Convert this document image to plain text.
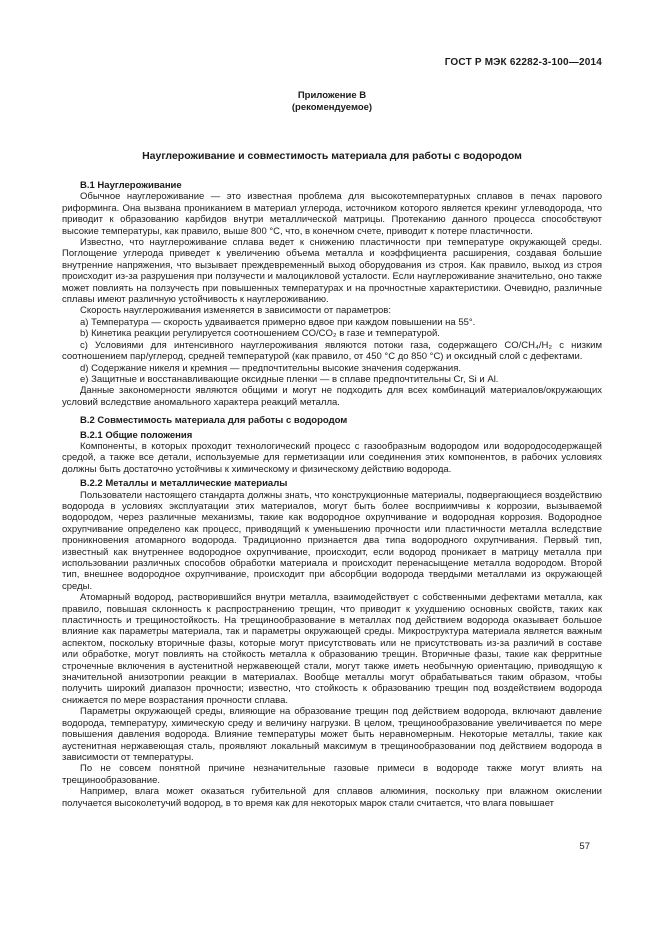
ГОСТ Р МЭК 62282-3-100—2014
Приложение В
(рекомендуемое)
Науглероживание и совместимость материала для работы с водородом
В.1 Науглероживание

Обычное науглероживание — это известная проблема для высокотемпературных сплавов в печах парового риформинга. Она вызвана прониканием в материал углерода, источником которого является крекинг углеводорода, что приводит к образованию карбидов внутри металлической матрицы. Протеканию данного процесса способствуют высокие температуры, как правило, выше 800 °С, что, в конечном счете, приводит к потере пластичности.

Известно, что науглероживание сплава ведет к снижению пластичности при температуре окружающей среды. Поглощение углерода приведет к увеличению объема металла и коэффициента расширения, создавая большие внутренние напряжения, что вызывает преждевременный выход оборудования из строя. Как правило, выход из строя происходит из-за разрушения при ползучести и малоцикловой усталости. Если науглероживание значительно, оно также может повлиять на ползучесть при повышенных температурах и на прочностные характеристики. Очевидно, различные сплавы имеют различную устойчивость к науглероживанию.

Скорость науглероживания изменяется в зависимости от параметров:

a) Температура — скорость удваивается примерно вдвое при каждом повышении на 55°.

b) Кинетика реакции регулируется соотношением CO/CO₂ в газе и температурой.

c) Условиями для интенсивного науглероживания являются потоки газа, содержащего CO/CH₄/H₂ с низким соотношением пар/углерод, средней температурой (как правило, от 450 °С до 850 °С) и оксидный слой с дефектами.

d) Содержание никеля и кремния — предпочтительны высокие значения содержания.

e) Защитные и восстанавливающие оксидные пленки — в сплаве предпочтительны Cr, Si и Al.

Данные закономерности являются общими и могут не подходить для всех комбинаций материалов/окружающих условий вследствие аномального характера реакций металла.

В.2 Совместимость материала для работы с водородом
В.2.1 Общие положения

Компоненты, в которых проходит технологический процесс с газообразным водородом или водородосодержащей средой, а также все детали, используемые для герметизации или соединения этих компонентов, в рабочих условиях должны быть достаточно устойчивы к химическому и физическому действию водорода.

В.2.2 Металлы и металлические материалы

Пользователи настоящего стандарта должны знать, что конструкционные материалы, подвергающиеся воздействию водорода в условиях эксплуатации этих материалов, могут быть более восприимчивы к коррозии, вызываемой водородом, через различные механизмы, такие как водородное охрупчивание и водородная коррозия. Водородное охрупчивание определено как процесс, приводящий к уменьшению прочности или пластичности металла вследствие проникновения атомарного водорода. Традиционно признается два типа водородного охрупчивания. Первый тип, известный как внутреннее водородное охрупчивание, происходит, если водород проникает в матрицу металла при использовании различных способов обработки материала и происходит перенасыщение металла водородом. Второй тип, внешнее водородное охрупчивание, происходит при абсорбции водорода твердыми металлами из окружающей среды.

Атомарный водород, растворившийся внутри металла, взаимодействует с собственными дефектами металла, как правило, повышая склонность к распространению трещин, что приводит к ухудшению основных свойств, таких как пластичность и трещиностойкость. На трещинообразование в металлах под действием водорода оказывает большое влияние как параметры материала, так и параметры окружающей среды. Микроструктура материала является важным аспектом, поскольку вторичные фазы, которые могут присутствовать или не присутствовать из-за различий в составе или обработке, могут повлиять на стойкость металла к образованию трещин. Вторичные фазы, такие как ферритные строчечные включения в аустенитной нержавеющей стали, могут также иметь необычную ориентацию, приводящую к значительной анизотропии реакции в материалах. Вообще металлы могут обрабатываться таким образом, чтобы получить широкий диапазон прочности; известно, что стойкость к образованию трещин под воздействием водорода снижается по мере возрастания прочности сплава.

Параметры окружающей среды, влияющие на образование трещин под действием водорода, включают давление водорода, температуру, химическую среду и величину нагрузки. В целом, трещинообразование увеличивается по мере повышения давления водорода. Влияние температуры может быть неравномерным. Некоторые металлы, такие как аустенитная нержавеющая сталь, проявляют локальный максимум в трещинообразовании под действием водорода в зависимости от температуры.

По не совсем понятной причине незначительные газовые примеси в водороде также могут влиять на трещинообразование.

Например, влага может оказаться губительной для сплавов алюминия, поскольку при влажном окислении получается высоколетучий водород, в то время как для некоторых марок стали считается, что влага повышает

57
